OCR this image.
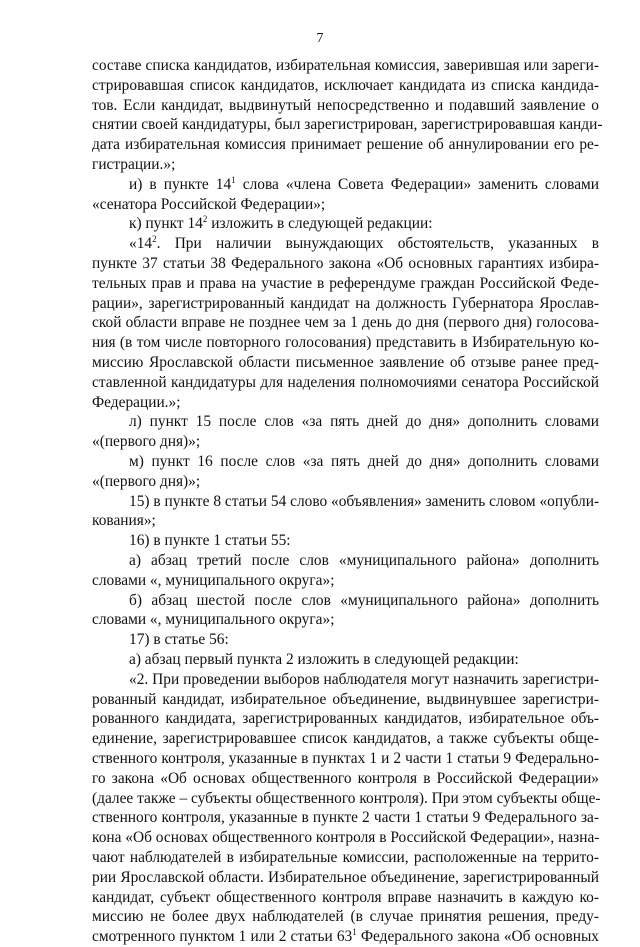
7
составе списка кандидатов, избирательная комиссия, заверившая или зареги-
стрировавшая список кандидатов, исключает кандидата из списка кандида-
тов. Если кандидат, выдвинутый непосредственно и подавший заявление о
снятии своей кандидатуры, был зарегистрирован, зарегистрировавшая канди-
дата избирательная комиссия принимает решение об аннулировании его ре-
гистрации.»;
и) в пункте $14^1$ слова «члена Совета Федерации» заменить словами
«сенатора Российской Федерации»;
к) пункт $14^2$ изложить в следующей редакции:
«$14^2$. При наличии вынуждающих обстоятельств, указанных в
пункте 37 статьи 38 Федерального закона «Об основных гарантиях избира-
тельных прав и права на участие в референдуме граждан Российской Феде-
рации», зарегистрированный кандидат на должность Губернатора Ярослав-
ской области вправе не позднее чем за 1 день до дня (первого дня) голосова-
ния (в том числе повторного голосования) представить в Избирательную ко-
миссию Ярославской области письменное заявление об отзыве ранее пред-
ставленной кандидатуры для наделения полномочиями сенатора Российской
Федерации.»;
л) пункт 15 после слов «за пять дней до дня» дополнить словами
«(первого дня)»;
м) пункт 16 после слов «за пять дней до дня» дополнить словами
«(первого дня)»;
15) в пункте 8 статьи 54 слово «объявления» заменить словом «опубли-
кования»;
16) в пункте 1 статьи 55:
а) абзац третий после слов «муниципального района» дополнить
словами «, муниципального округа»;
б) абзац шестой после слов «муниципального района» дополнить
словами «, муниципального округа»;
17) в статье 56:
а) абзац первый пункта 2 изложить в следующей редакции:
«2. При проведении выборов наблюдателя могут назначить зарегистри-
рованный кандидат, избирательное объединение, выдвинувшее зарегистри-
рованного кандидата, зарегистрированных кандидатов, избирательное объ-
единение, зарегистрировавшее список кандидатов, а также субъекты обще-
ственного контроля, указанные в пунктах 1 и 2 части 1 статьи 9 Федерально-
го закона «Об основах общественного контроля в Российской Федерации»
(далее также – субъекты общественного контроля). При этом субъекты обще-
ственного контроля, указанные в пункте 2 части 1 статьи 9 Федерального за-
кона «Об основах общественного контроля в Российской Федерации», назна-
чают наблюдателей в избирательные комиссии, расположенные на террито-
рии Ярославской области. Избирательное объединение, зарегистрированный
кандидат, субъект общественного контроля вправе назначить в каждую ко-
миссию не более двух наблюдателей (в случае принятия решения, преду-
смотренного пунктом 1 или 2 статьи $63^1$ Федерального закона «Об основных
